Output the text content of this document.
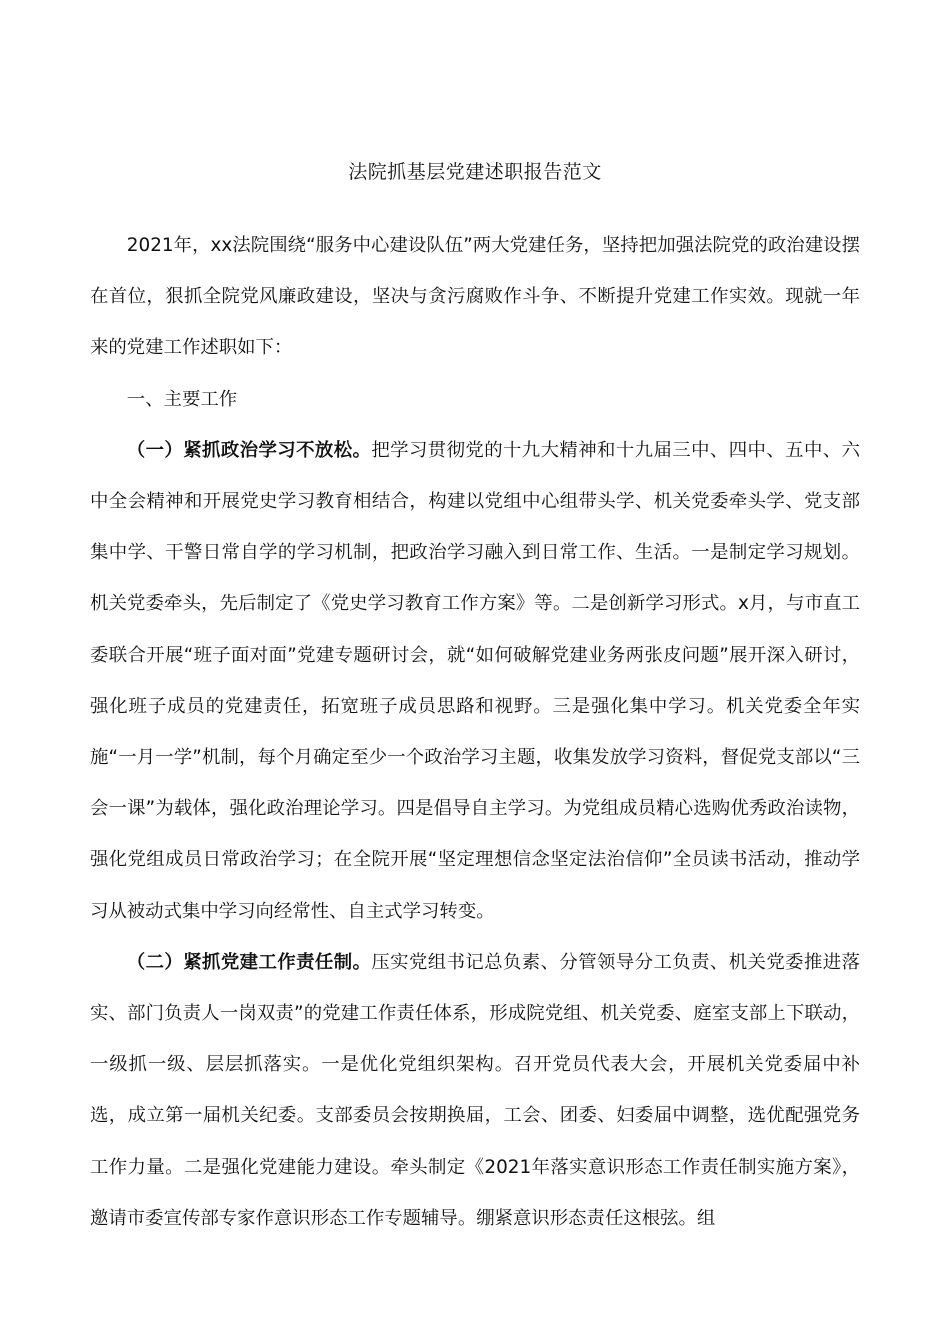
法院抓基层党建述职报告范文

2021年，xx法院围绕“服务中心建设队伍”两大党建任务，坚持把加强法院党的政治建设摆在首位，狠抓全院党风廉政建设，坚决与贪污腐败作斗争、不断提升党建工作实效。现就一年来的党建工作述职如下：

一、主要工作

（一）紧抓政治学习不放松。把学习贯彻党的十九大精神和十九届三中、四中、五中、六中全会精神和开展党史学习教育相结合，构建以党组中心组带头学、机关党委牵头学、党支部集中学、干警日常自学的学习机制，把政治学习融入到日常工作、生活。一是制定学习规划。机关党委牵头，先后制定了《党史学习教育工作方案》等。二是创新学习形式。x月，与市直工委联合开展“班子面对面”党建专题研讨会，就“如何破解党建业务两张皮问题”展开深入研讨，强化班子成员的党建责任，拓宽班子成员思路和视野。三是强化集中学习。机关党委全年实施“一月一学”机制，每个月确定至少一个政治学习主题，收集发放学习资料，督促党支部以“三会一课”为载体，强化政治理论学习。四是倡导自主学习。为党组成员精心选购优秀政治读物，强化党组成员日常政治学习；在全院开展“坚定理想信念坚定法治信仰”全员读书活动，推动学习从被动式集中学习向经常性、自主式学习转变。

（二）紧抓党建工作责任制。压实党组书记总负素、分管领导分工负责、机关党委推进落实、部门负责人一岗双责”的党建工作责任体系，形成院党组、机关党委、庭室支部上下联动，一级抓一级、层层抓落实。一是优化党组织架构。召开党员代表大会，开展机关党委届中补选，成立第一届机关纪委。支部委员会按期换届，工会、团委、妇委届中调整，选优配强党务工作力量。二是强化党建能力建设。牵头制定《2021年落实意识形态工作责任制实施方案》，邀请市委宣传部专家作意识形态工作专题辅导。绷紧意识形态责任这根弦。组
